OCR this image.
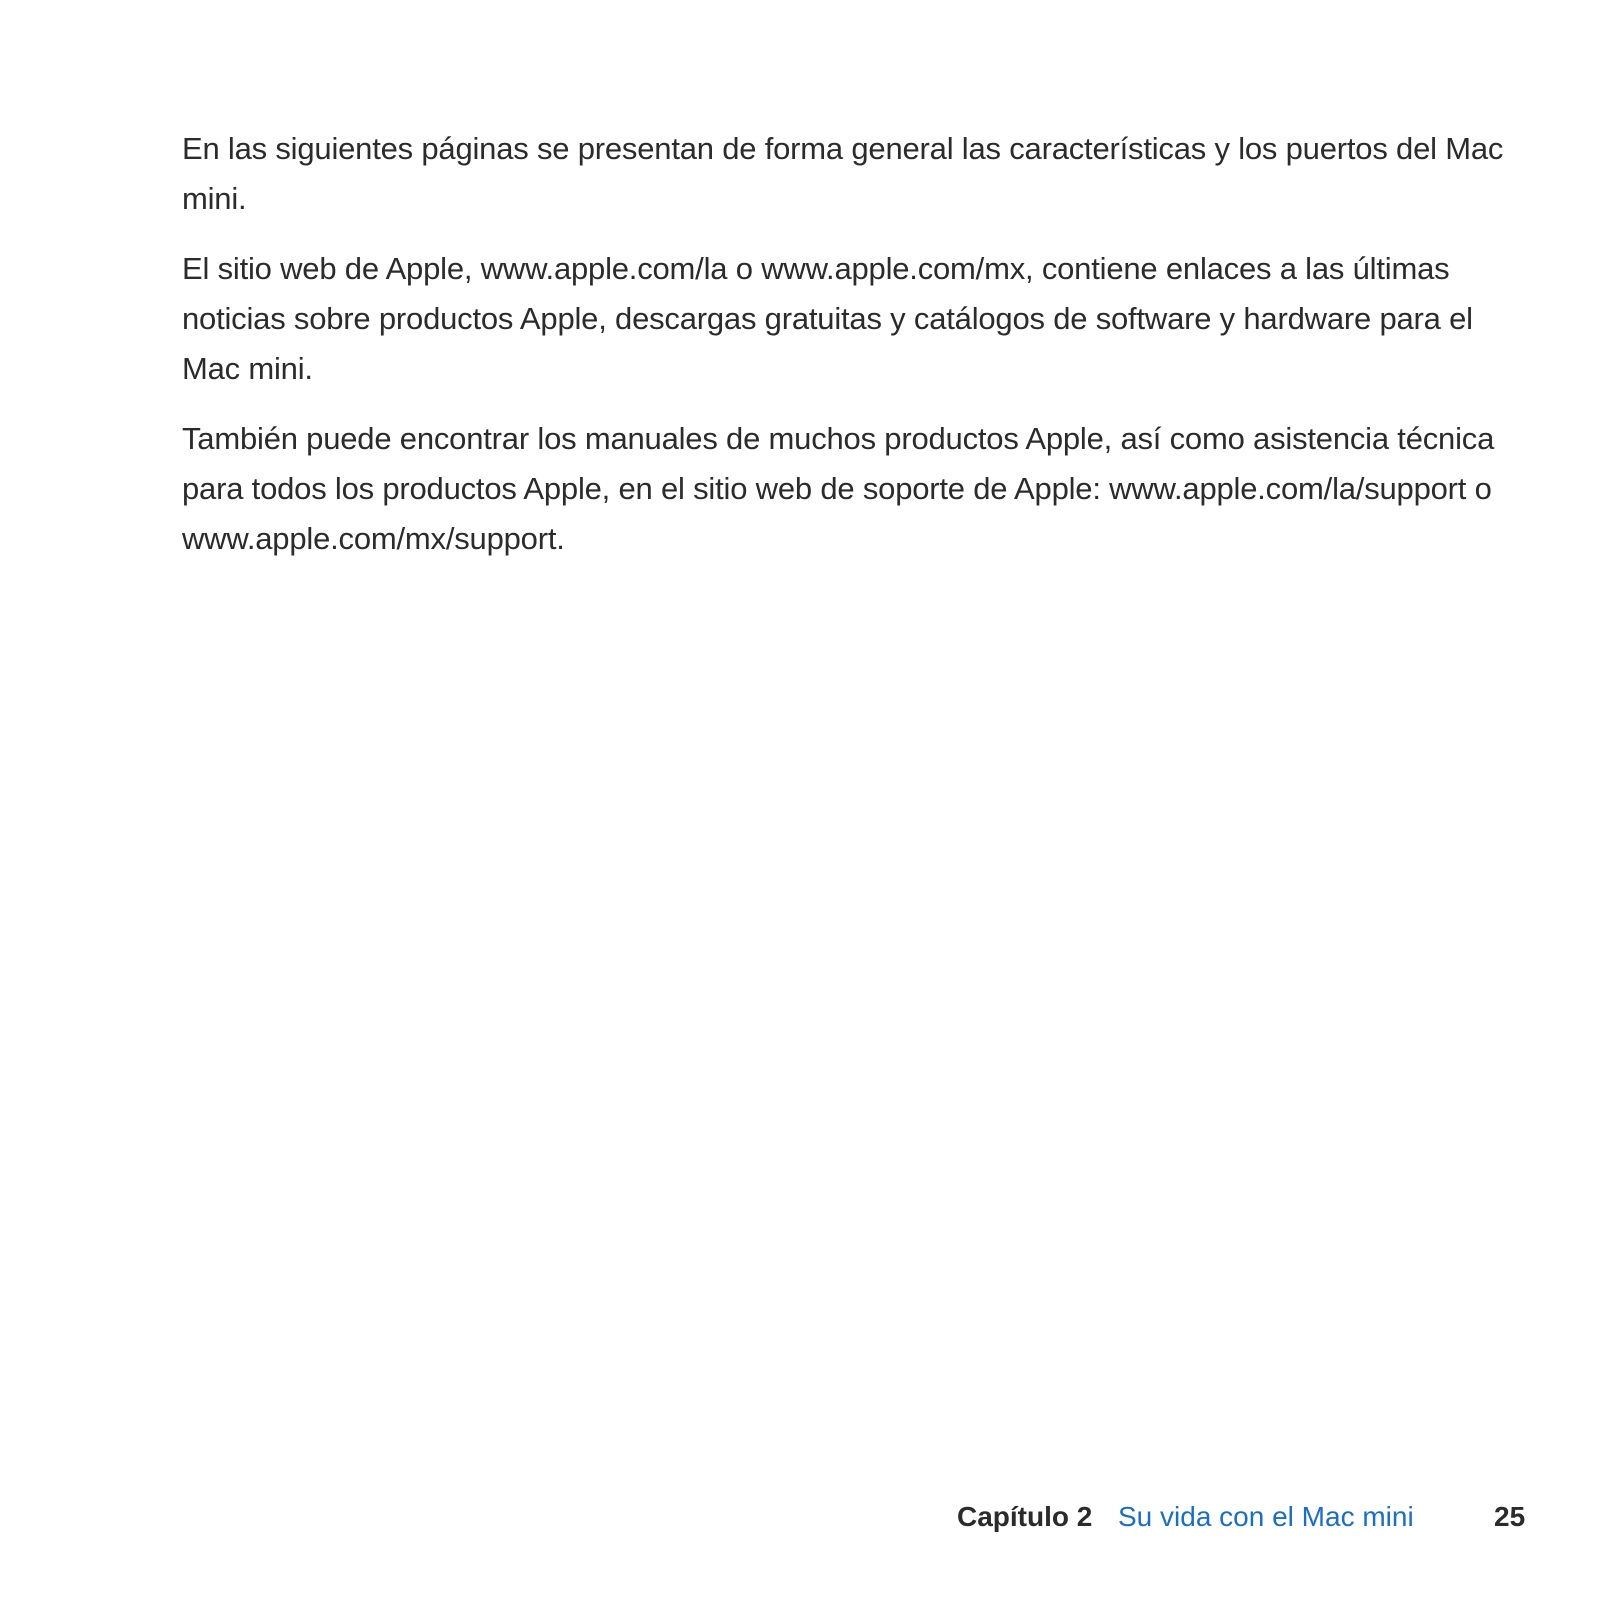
En las siguientes páginas se presentan de forma general las características y los puertos del Mac mini.

El sitio web de Apple, www.apple.com/la o www.apple.com/mx, contiene enlaces a las últimas noticias sobre productos Apple, descargas gratuitas y catálogos de software y hardware para el Mac mini.

También puede encontrar los manuales de muchos productos Apple, así como asistencia técnica para todos los productos Apple, en el sitio web de soporte de Apple: www.apple.com/la/support o www.apple.com/mx/support.

Capítulo 2 Su vida con el Mac mini	25
